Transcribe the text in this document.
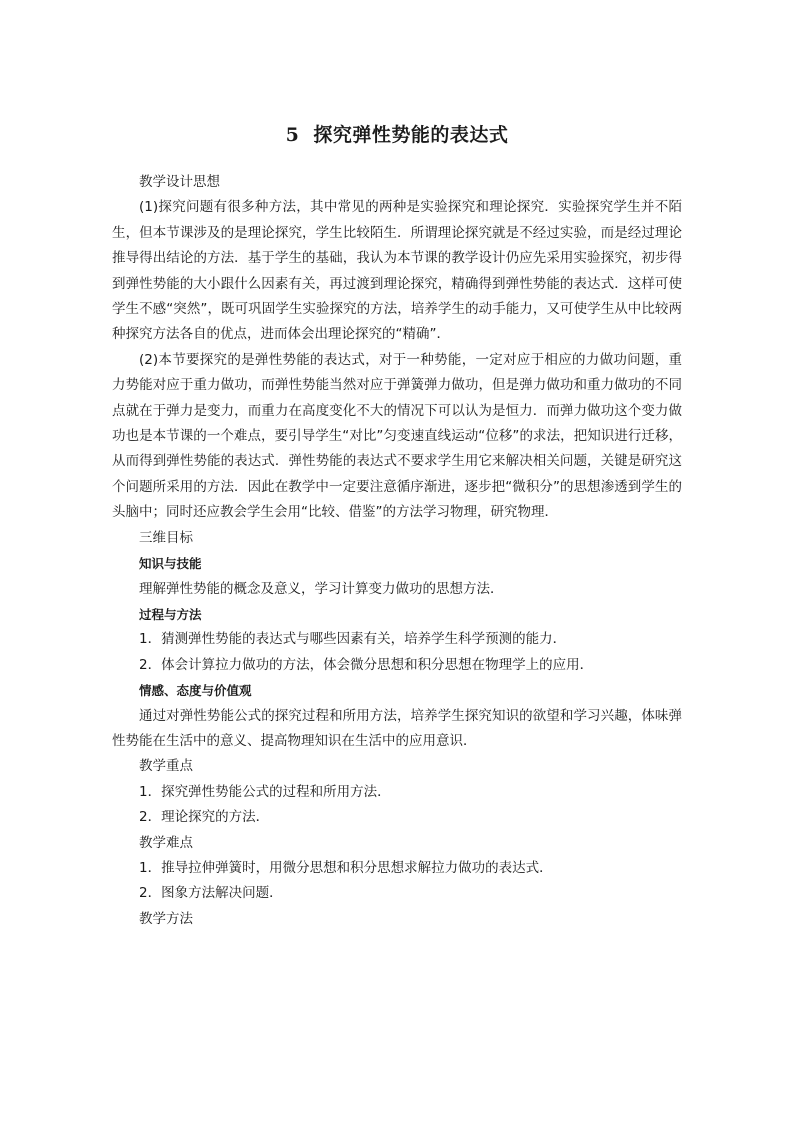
5 探究弹性势能的表达式

教学设计思想

(1)探究问题有很多种方法，其中常见的两种是实验探究和理论探究．实验探究学生并不陌生，但本节课涉及的是理论探究，学生比较陌生．所谓理论探究就是不经过实验，而是经过理论推导得出结论的方法．基于学生的基础，我认为本节课的教学设计仍应先采用实验探究，初步得到弹性势能的大小跟什么因素有关，再过渡到理论探究，精确得到弹性势能的表达式．这样可使学生不感“突然”，既可巩固学生实验探究的方法，培养学生的动手能力，又可使学生从中比较两种探究方法各自的优点，进而体会出理论探究的“精确”．

(2)本节要探究的是弹性势能的表达式，对于一种势能，一定对应于相应的力做功问题，重力势能对应于重力做功，而弹性势能当然对应于弹簧弹力做功，但是弹力做功和重力做功的不同点就在于弹力是变力，而重力在高度变化不大的情况下可以认为是恒力．而弹力做功这个变力做功也是本节课的一个难点，要引导学生“对比”匀变速直线运动“位移”的求法，把知识进行迁移，从而得到弹性势能的表达式．弹性势能的表达式不要求学生用它来解决相关问题，关键是研究这个问题所采用的方法．因此在教学中一定要注意循序渐进，逐步把“微积分”的思想渗透到学生的头脑中；同时还应教会学生会用“比较、借鉴”的方法学习物理，研究物理．

三维目标

知识与技能

理解弹性势能的概念及意义，学习计算变力做功的思想方法．

过程与方法

1．猜测弹性势能的表达式与哪些因素有关，培养学生科学预测的能力．

2．体会计算拉力做功的方法，体会微分思想和积分思想在物理学上的应用．

情感、态度与价值观

通过对弹性势能公式的探究过程和所用方法，培养学生探究知识的欲望和学习兴趣，体味弹性势能在生活中的意义、提高物理知识在生活中的应用意识．

教学重点

1．探究弹性势能公式的过程和所用方法．

2．理论探究的方法．

教学难点

1．推导拉伸弹簧时，用微分思想和积分思想求解拉力做功的表达式．

2．图象方法解决问题．

教学方法
